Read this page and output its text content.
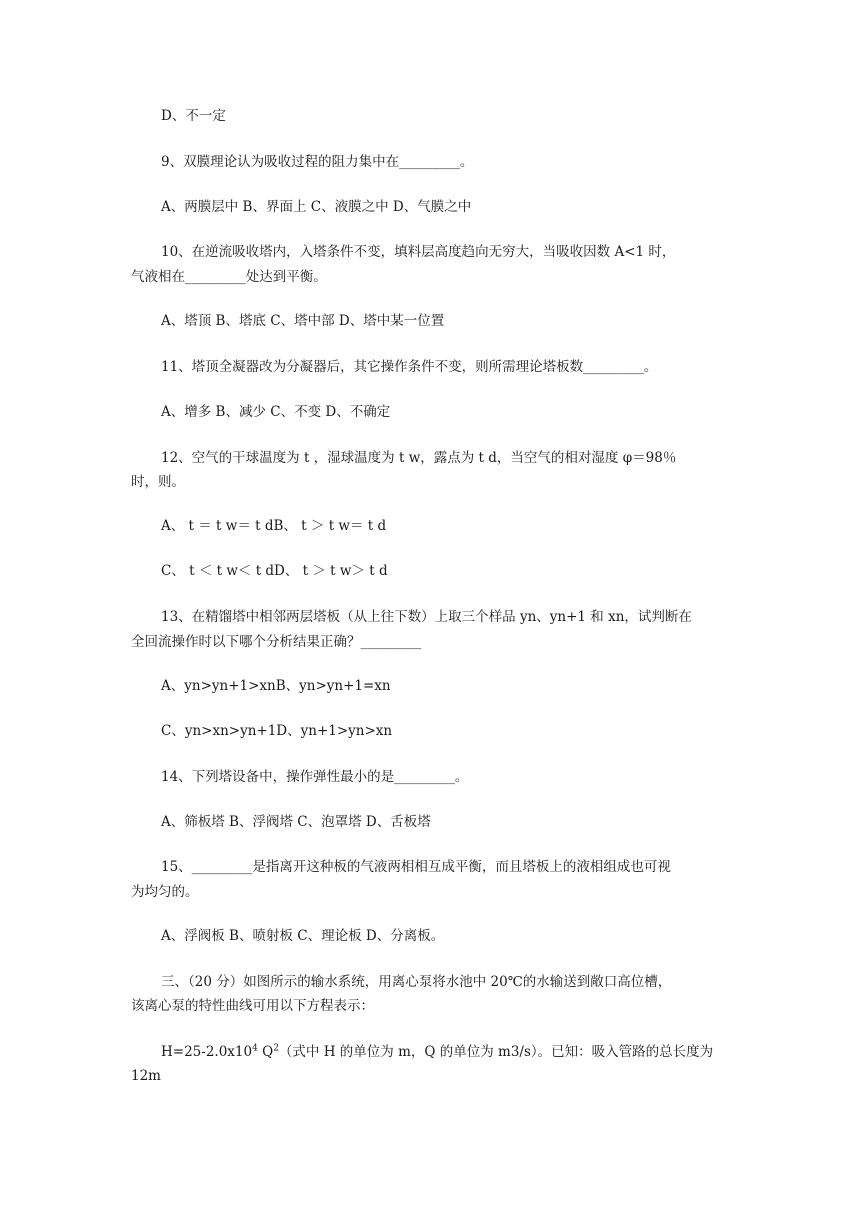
D、不一定
9、双膜理论认为吸收过程的阻力集中在_________。
A、两膜层中 B、界面上 C、液膜之中 D、气膜之中
10、在逆流吸收塔内，入塔条件不变，填料层高度趋向无穷大，当吸收因数 A<1 时，
气液相在_________处达到平衡。
A、塔顶 B、塔底 C、塔中部 D、塔中某一位置
11、塔顶全凝器改为分凝器后，其它操作条件不变，则所需理论塔板数_________。
A、增多 B、减少 C、不变 D、不确定
12、空气的干球温度为 t ，湿球温度为 t w，露点为 t d，当空气的相对湿度 φ＝98％
时，则。
A、 t ＝ t w＝ t dB、 t ＞ t w＝ t d
C、 t ＜ t w＜ t dD、 t ＞ t w＞ t d
13、在精馏塔中相邻两层塔板（从上往下数）上取三个样品 yn、yn+1 和 xn，试判断在
全回流操作时以下哪个分析结果正确？_________
A、yn>yn+1>xnB、yn>yn+1=xn
C、yn>xn>yn+1D、yn+1>yn>xn
14、下列塔设备中，操作弹性最小的是_________。
A、筛板塔 B、浮阀塔 C、泡罩塔 D、舌板塔
15、_________是指离开这种板的气液两相相互成平衡，而且塔板上的液相组成也可视
为均匀的。
A、浮阀板 B、喷射板 C、理论板 D、分离板。
三、（20 分）如图所示的输水系统，用离心泵将水池中 20℃的水输送到敞口高位槽，
该离心泵的特性曲线可用以下方程表示：
$H=25-2.0x10^4$ $Q^2$（式中 H 的单位为 m，Q 的单位为 m3/s）。已知：吸入管路的总长度为
12m
